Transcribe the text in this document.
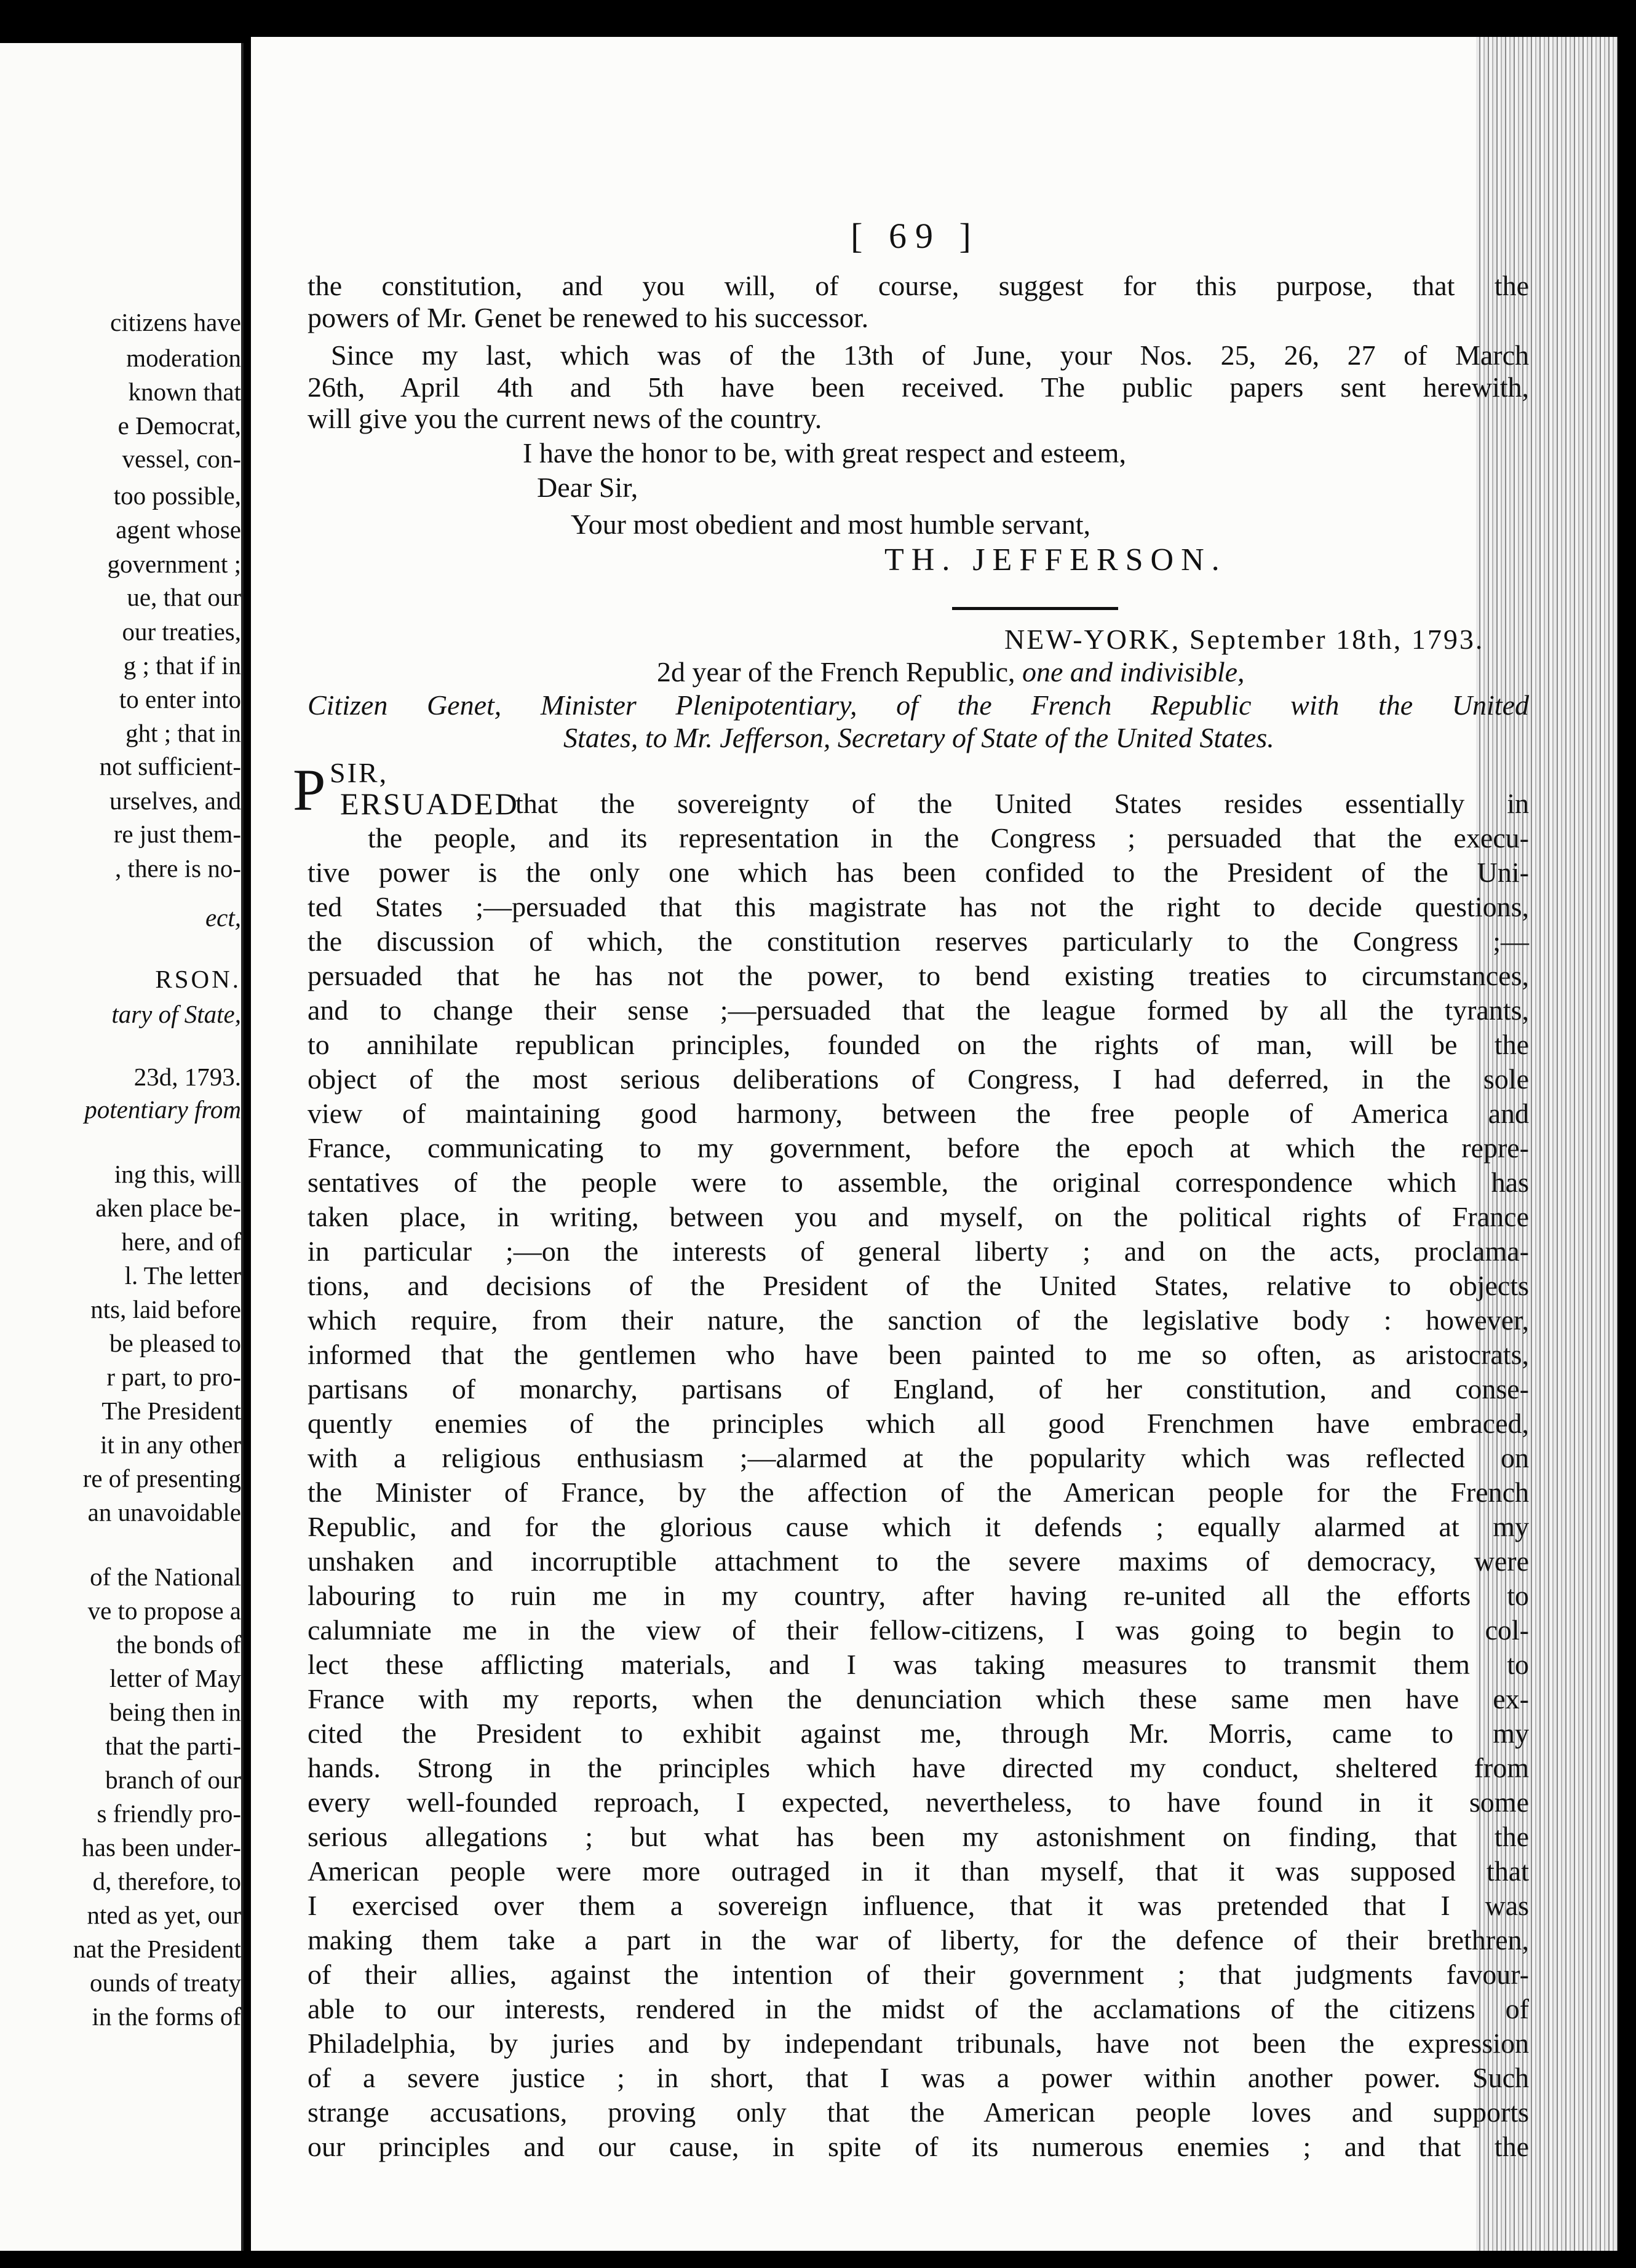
citizens have
moderation
known that
e Democrat,
vessel, con-
too possible,
agent whose
government ;
ue, that our
our treaties,
g ; that if in
to enter into
ght ; that in
not sufficient-
urselves, and
re just them-
, there is no-
ect,
RSON.
tary of State,
23d, 1793.
potentiary from
ing this, will
aken place be-
here, and of
l. The letter
nts, laid before
be pleased to
r part, to pro-
The President
it in any other
re of presenting
an unavoidable
of the National
ve to propose a
the bonds of
letter of May
being then in
that the parti-
branch of our
s friendly pro-
has been under-
d, therefore, to
nted as yet, our
nat the President
ounds of treaty
in the forms of
[ 69 ]
the constitution, and you will, of course, suggest for this purpose, that the
powers of Mr. Genet be renewed to his successor.
Since my last, which was of the 13th of June, your Nos. 25, 26, 27 of March
26th, April 4th and 5th have been received. The public papers sent herewith,
will give you the current news of the country.
I have the honor to be, with great respect and esteem,
Dear Sir,
Your most obedient and most humble servant,
TH. JEFFERSON.
NEW-YORK, September 18th, 1793.
2d year of the French Republic, one and indivisible,
Citizen Genet, Minister Plenipotentiary, of the French Republic with the United
States, to Mr. Jefferson, Secretary of State of the United States.
SIR,
P ERSUADED
that the sovereignty of the United States resides essentially in
the people, and its representation in the Congress ; persuaded that the execu-
tive power is the only one which has been confided to the President of the Uni-
ted States ;—persuaded that this magistrate has not the right to decide questions,
the discussion of which, the constitution reserves particularly to the Congress ;—
persuaded that he has not the power, to bend existing treaties to circumstances,
and to change their sense ;—persuaded that the league formed by all the tyrants,
to annihilate republican principles, founded on the rights of man, will be the
object of the most serious deliberations of Congress, I had deferred, in the sole
view of maintaining good harmony, between the free people of America and
France, communicating to my government, before the epoch at which the repre-
sentatives of the people were to assemble, the original correspondence which has
taken place, in writing, between you and myself, on the political rights of France
in particular ;—on the interests of general liberty ; and on the acts, proclama-
tions, and decisions of the President of the United States, relative to objects
which require, from their nature, the sanction of the legislative body : however,
informed that the gentlemen who have been painted to me so often, as aristocrats,
partisans of monarchy, partisans of England, of her constitution, and conse-
quently enemies of the principles which all good Frenchmen have embraced,
with a religious enthusiasm ;—alarmed at the popularity which was reflected on
the Minister of France, by the affection of the American people for the French
Republic, and for the glorious cause which it defends ; equally alarmed at my
unshaken and incorruptible attachment to the severe maxims of democracy, were
labouring to ruin me in my country, after having re-united all the efforts to
calumniate me in the view of their fellow-citizens, I was going to begin to col-
lect these afflicting materials, and I was taking measures to transmit them to
France with my reports, when the denunciation which these same men have ex-
cited the President to exhibit against me, through Mr. Morris, came to my
hands. Strong in the principles which have directed my conduct, sheltered from
every well-founded reproach, I expected, nevertheless, to have found in it some
serious allegations ; but what has been my astonishment on finding, that the
American people were more outraged in it than myself, that it was supposed that
I exercised over them a sovereign influence, that it was pretended that I was
making them take a part in the war of liberty, for the defence of their brethren,
of their allies, against the intention of their government ; that judgments favour-
able to our interests, rendered in the midst of the acclamations of the citizens of
Philadelphia, by juries and by independant tribunals, have not been the expression
of a severe justice ; in short, that I was a power within another power. Such
strange accusations, proving only that the American people loves and supports
our principles and our cause, in spite of its numerous enemies ; and that the
